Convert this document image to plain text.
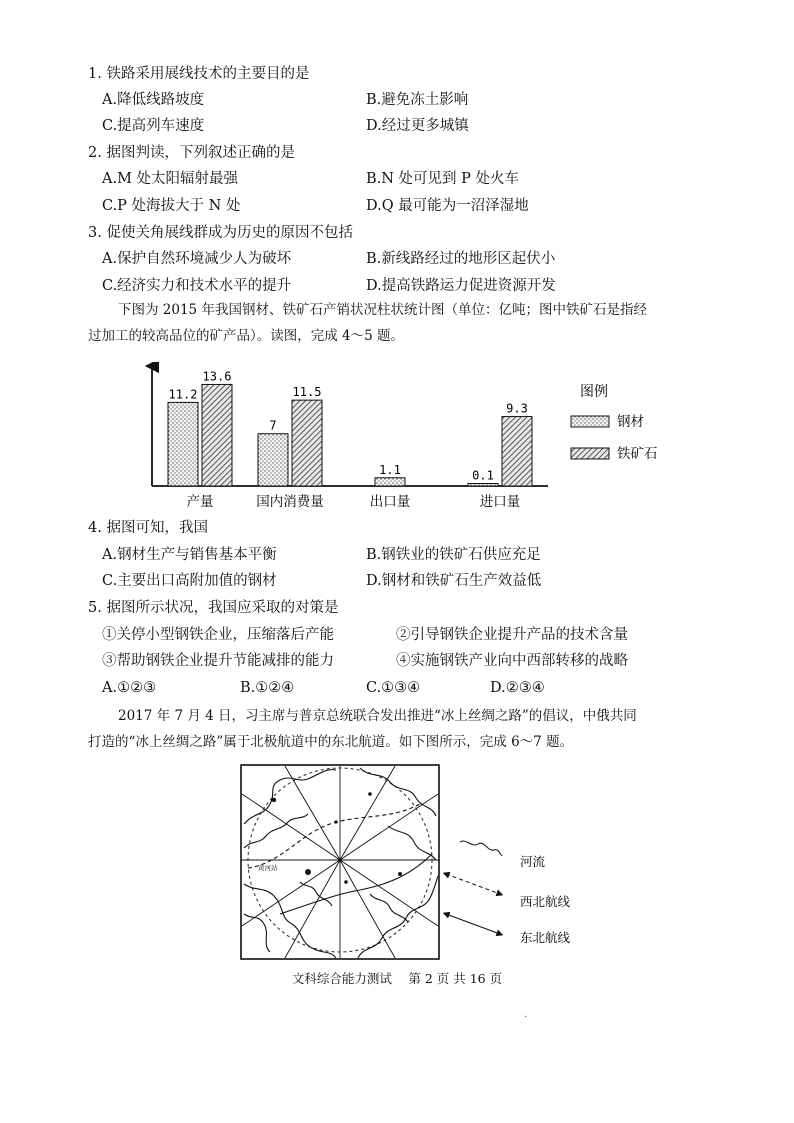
1. 铁路采用展线技术的主要目的是
A.降低线路坡度	B.避免冻土影响
C.提高列车速度	D.经过更多城镇
2. 据图判读，下列叙述正确的是
A.M 处太阳辐射最强	B.N 处可见到 P 处火车
C.P 处海拔大于 N 处	D.Q 最可能为一沼泽湿地
3. 促使关角展线群成为历史的原因不包括
A.保护自然环境减少人为破坏	B.新线路经过的地形区起伏小
C.经济实力和技术水平的提升	D.提高铁路运力促进资源开发
下图为 2015 年我国钢材、铁矿石产销状况柱状统计图（单位：亿吨；图中铁矿石是指经
过加工的较高品位的矿产品）。读图，完成 4～5 题。
11.2
13.6
7
11.5
1.1	0.1
9.3
产量	国内消费量	出口量	进口量
图例
钢材
铁矿石
4. 据图可知，我国
A.钢材生产与销售基本平衡	B.钢铁业的铁矿石供应充足
C.主要出口高附加值的钢材	D.钢材和铁矿石生产效益低
5. 据图所示状况，我国应采取的对策是
①关停小型钢铁企业，压缩落后产能	②引导钢铁企业提升产品的技术含量
③帮助钢铁企业提升节能减排的能力	④实施钢铁产业向中西部转移的战略
A.①②③	B.①②④	C.①③④	D.②③④
2017 年 7 月 4 日，习主席与普京总统联合发出推进“冰上丝绸之路”的倡议，中俄共同
打造的“冰上丝绸之路”属于北极航道中的东北航道。如下图所示，完成 6～7 题。
黄河站	河流
西北航线
东北航线
文科综合能力测试　 第 2 页 共 16 页
·
